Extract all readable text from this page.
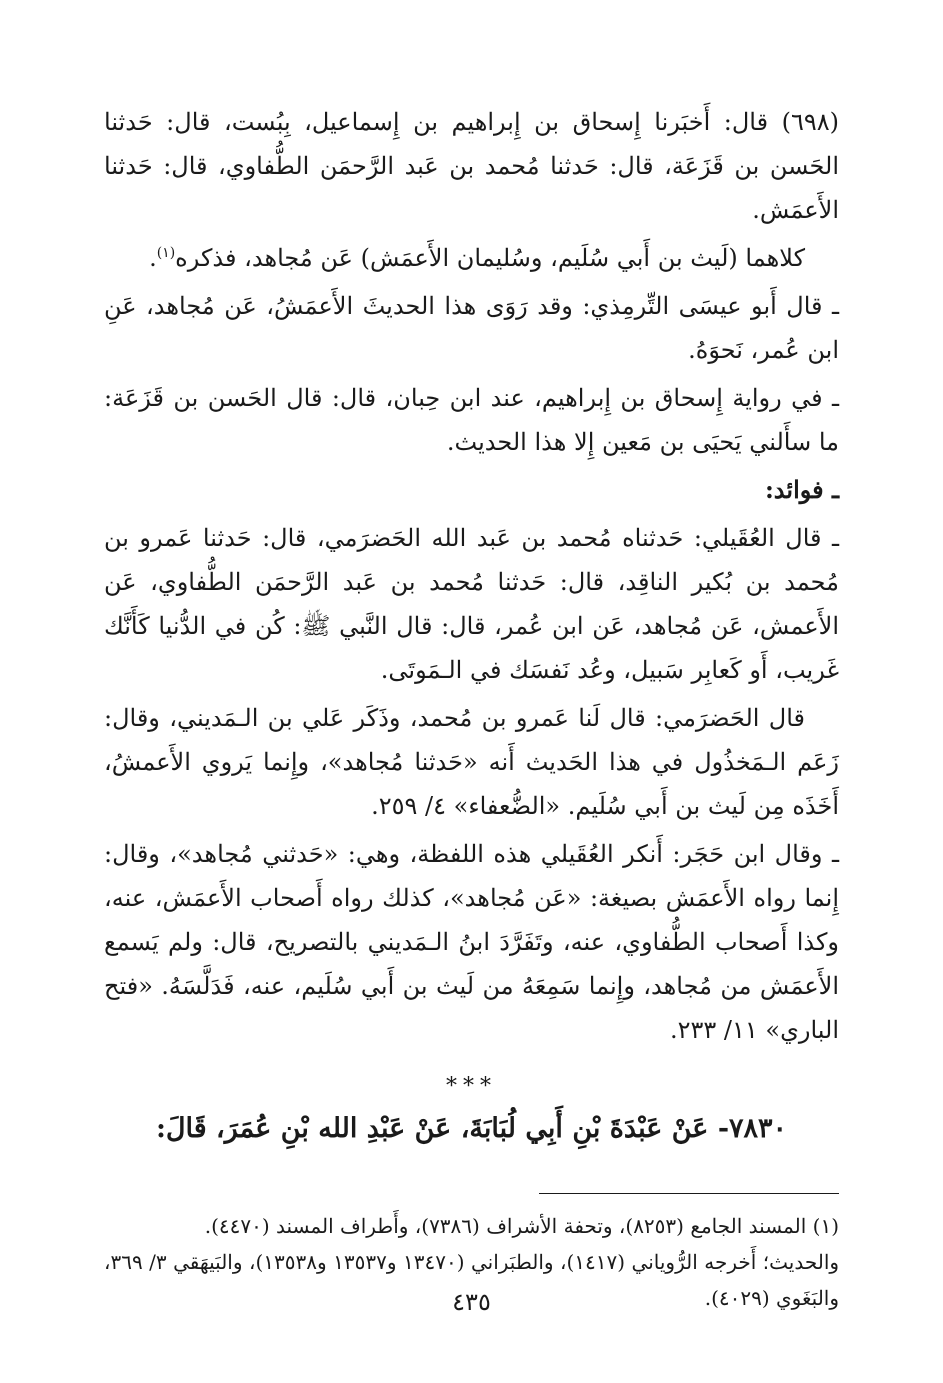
(٦٩٨) قال: أَخبَرنا إِسحاق بن إِبراهيم بن إِسماعيل، بِبُست، قال: حَدثنا الحَسن بن قَزَعَة، قال: حَدثنا مُحمد بن عَبد الرَّحمَن الطُّفاوي، قال: حَدثنا الأَعمَش.

كلاهما (لَيث بن أَبي سُلَيم، وسُليمان الأَعمَش) عَن مُجاهد، فذكره$^{(١)}$.

ـ قال أَبو عيسَى التِّرمِذي: وقد رَوَى هذا الحديثَ الأَعمَشُ، عَن مُجاهد، عَنِ ابن عُمر، نَحوَهُ.

ـ في رواية إِسحاق بن إِبراهيم، عند ابن حِبان، قال: قال الحَسن بن قَزَعَة: ما سأَلني يَحيَى بن مَعين إِلا هذا الحديث.

ـ فوائد:

ـ قال العُقَيلي: حَدثناه مُحمد بن عَبد الله الحَضرَمي، قال: حَدثنا عَمرو بن مُحمد بن بُكير الناقِد، قال: حَدثنا مُحمد بن عَبد الرَّحمَن الطُّفاوي، عَن الأَعمش، عَن مُجاهد، عَن ابن عُمر، قال: قال النَّبي ﷺ: كُن في الدُّنيا كَأَنَّك غَريب، أَو كَعابِر سَبيل، وعُد نَفسَك في الـمَوتَى.

قال الحَضرَمي: قال لَنا عَمرو بن مُحمد، وذَكَر عَلي بن الـمَديني، وقال: زَعَم الـمَخذُول في هذا الحَديث أَنه «حَدثنا مُجاهد»، وإِنما يَروي الأَعمشُ، أَخَذَه مِن لَيث بن أَبي سُلَيم. «الضُّعفاء» ٤/ ٢٥٩.

ـ وقال ابن حَجَر: أَنكر العُقَيلي هذه اللفظة، وهي: «حَدثني مُجاهد»، وقال: إِنما رواه الأَعمَش بصيغة: «عَن مُجاهد»، كذلك رواه أَصحاب الأَعمَش، عنه، وكذا أَصحاب الطُّفاوي، عنه، وتَفَرَّدَ ابنُ الـمَديني بالتصريح، قال: ولم يَسمع الأَعمَش من مُجاهد، وإِنما سَمِعَهُ من لَيث بن أَبي سُلَيم، عنه، فَدَلَّسَهُ. «فتح الباري» ١١/ ٢٣٣.

***

٧٨٣٠- عَنْ عَبْدَةَ بْنِ أَبِي لُبَابَةَ، عَنْ عَبْدِ الله بْنِ عُمَرَ، قَالَ:

(١) المسند الجامع (٨٢٥٣)، وتحفة الأشراف (٧٣٨٦)، وأَطراف المسند (٤٤٧٠).

والحديث؛ أَخرجه الرُّوياني (١٤١٧)، والطبَراني (١٣٤٧٠ و١٣٥٣٧ و١٣٥٣٨)، والبَيهَقي ٣/ ٣٦٩، والبَغَوي (٤٠٢٩).

٤٣٥
